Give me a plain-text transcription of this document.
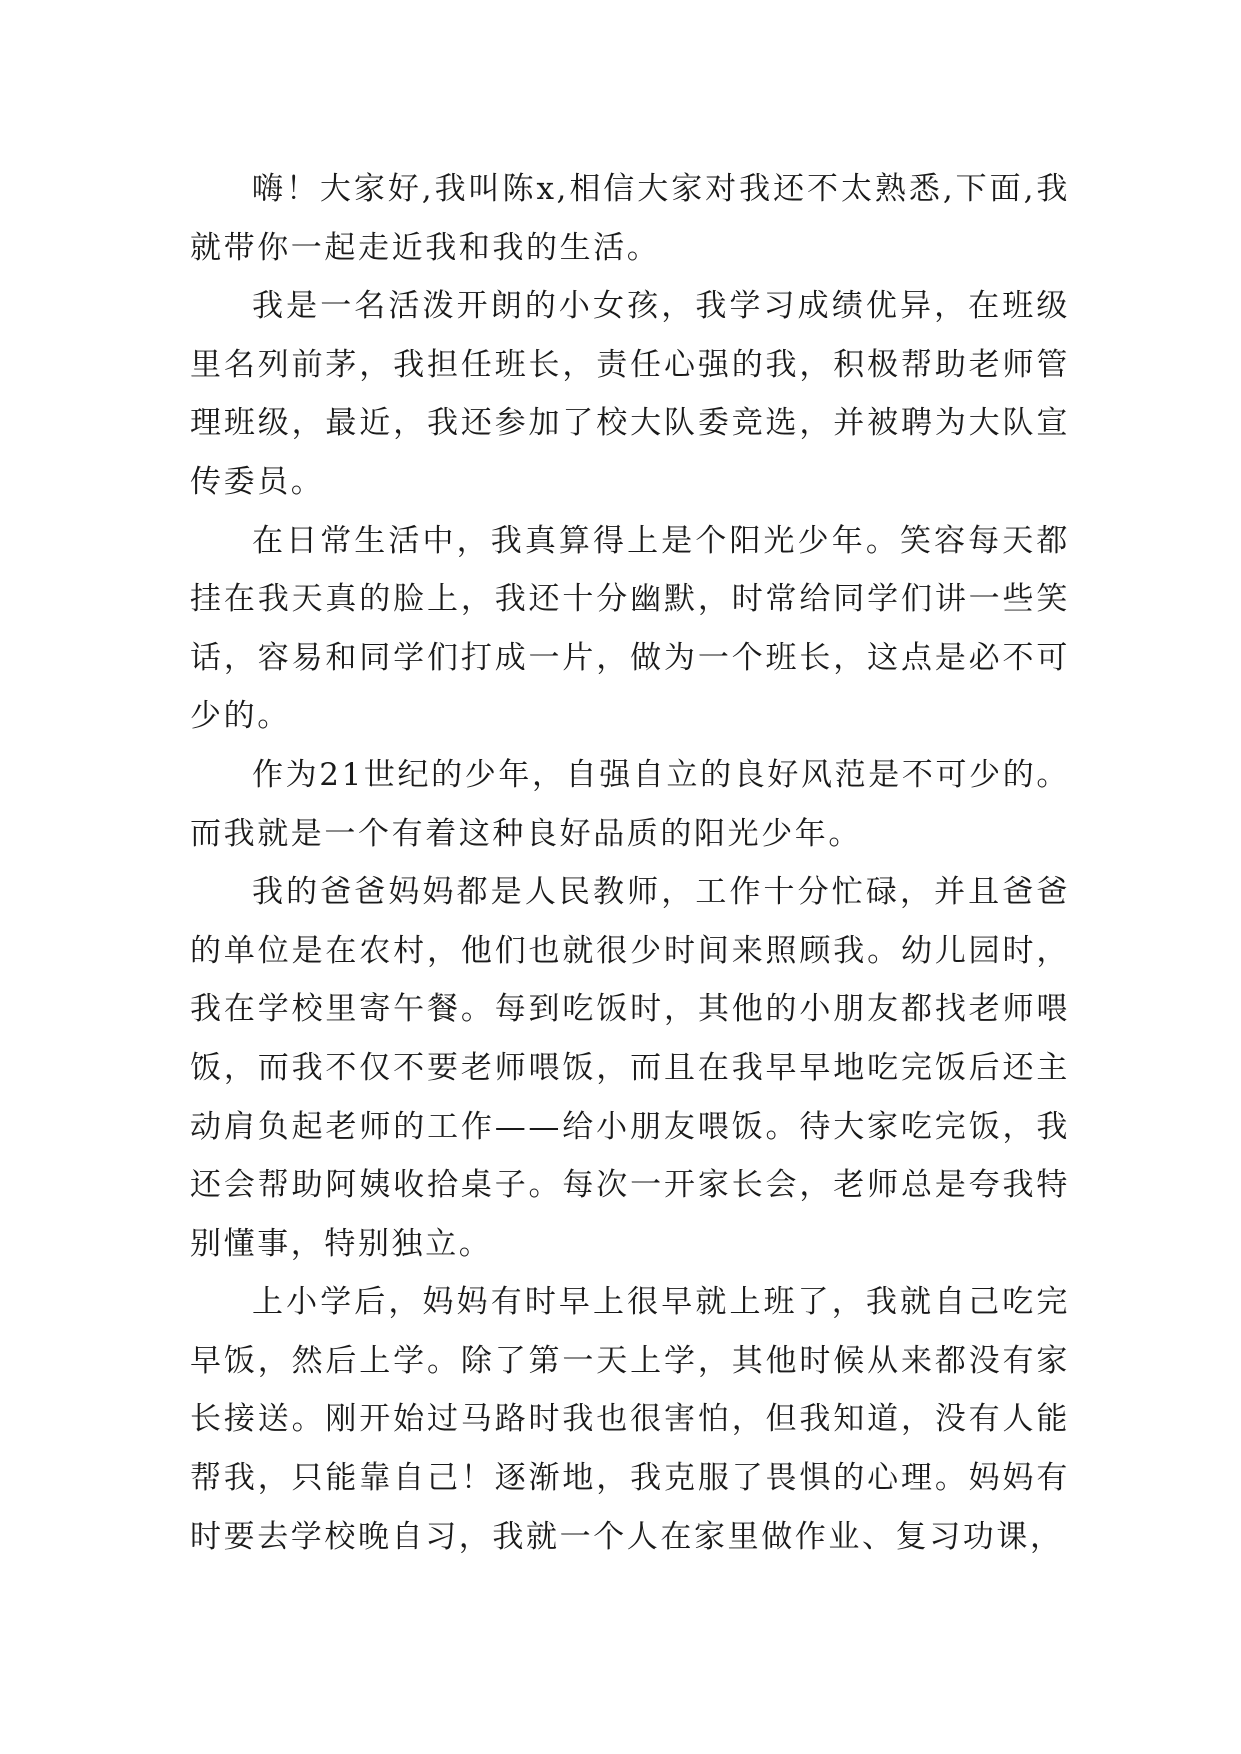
嗨！大家好,我叫陈x,相信大家对我还不太熟悉,下面,我就带你一起走近我和我的生活。

我是一名活泼开朗的小女孩，我学习成绩优异，在班级里名列前茅，我担任班长，责任心强的我，积极帮助老师管理班级，最近，我还参加了校大队委竞选，并被聘为大队宣传委员。

在日常生活中，我真算得上是个阳光少年。笑容每天都挂在我天真的脸上，我还十分幽默，时常给同学们讲一些笑话，容易和同学们打成一片，做为一个班长，这点是必不可少的。

作为21世纪的少年，自强自立的良好风范是不可少的。而我就是一个有着这种良好品质的阳光少年。

我的爸爸妈妈都是人民教师，工作十分忙碌，并且爸爸的单位是在农村，他们也就很少时间来照顾我。幼儿园时，我在学校里寄午餐。每到吃饭时，其他的小朋友都找老师喂饭，而我不仅不要老师喂饭，而且在我早早地吃完饭后还主动肩负起老师的工作——给小朋友喂饭。待大家吃完饭，我还会帮助阿姨收拾桌子。每次一开家长会，老师总是夸我特别懂事，特别独立。

上小学后，妈妈有时早上很早就上班了，我就自己吃完早饭，然后上学。除了第一天上学，其他时候从来都没有家长接送。刚开始过马路时我也很害怕，但我知道，没有人能帮我，只能靠自己！逐渐地，我克服了畏惧的心理。妈妈有时要去学校晚自习，我就一个人在家里做作业、复习功课，
